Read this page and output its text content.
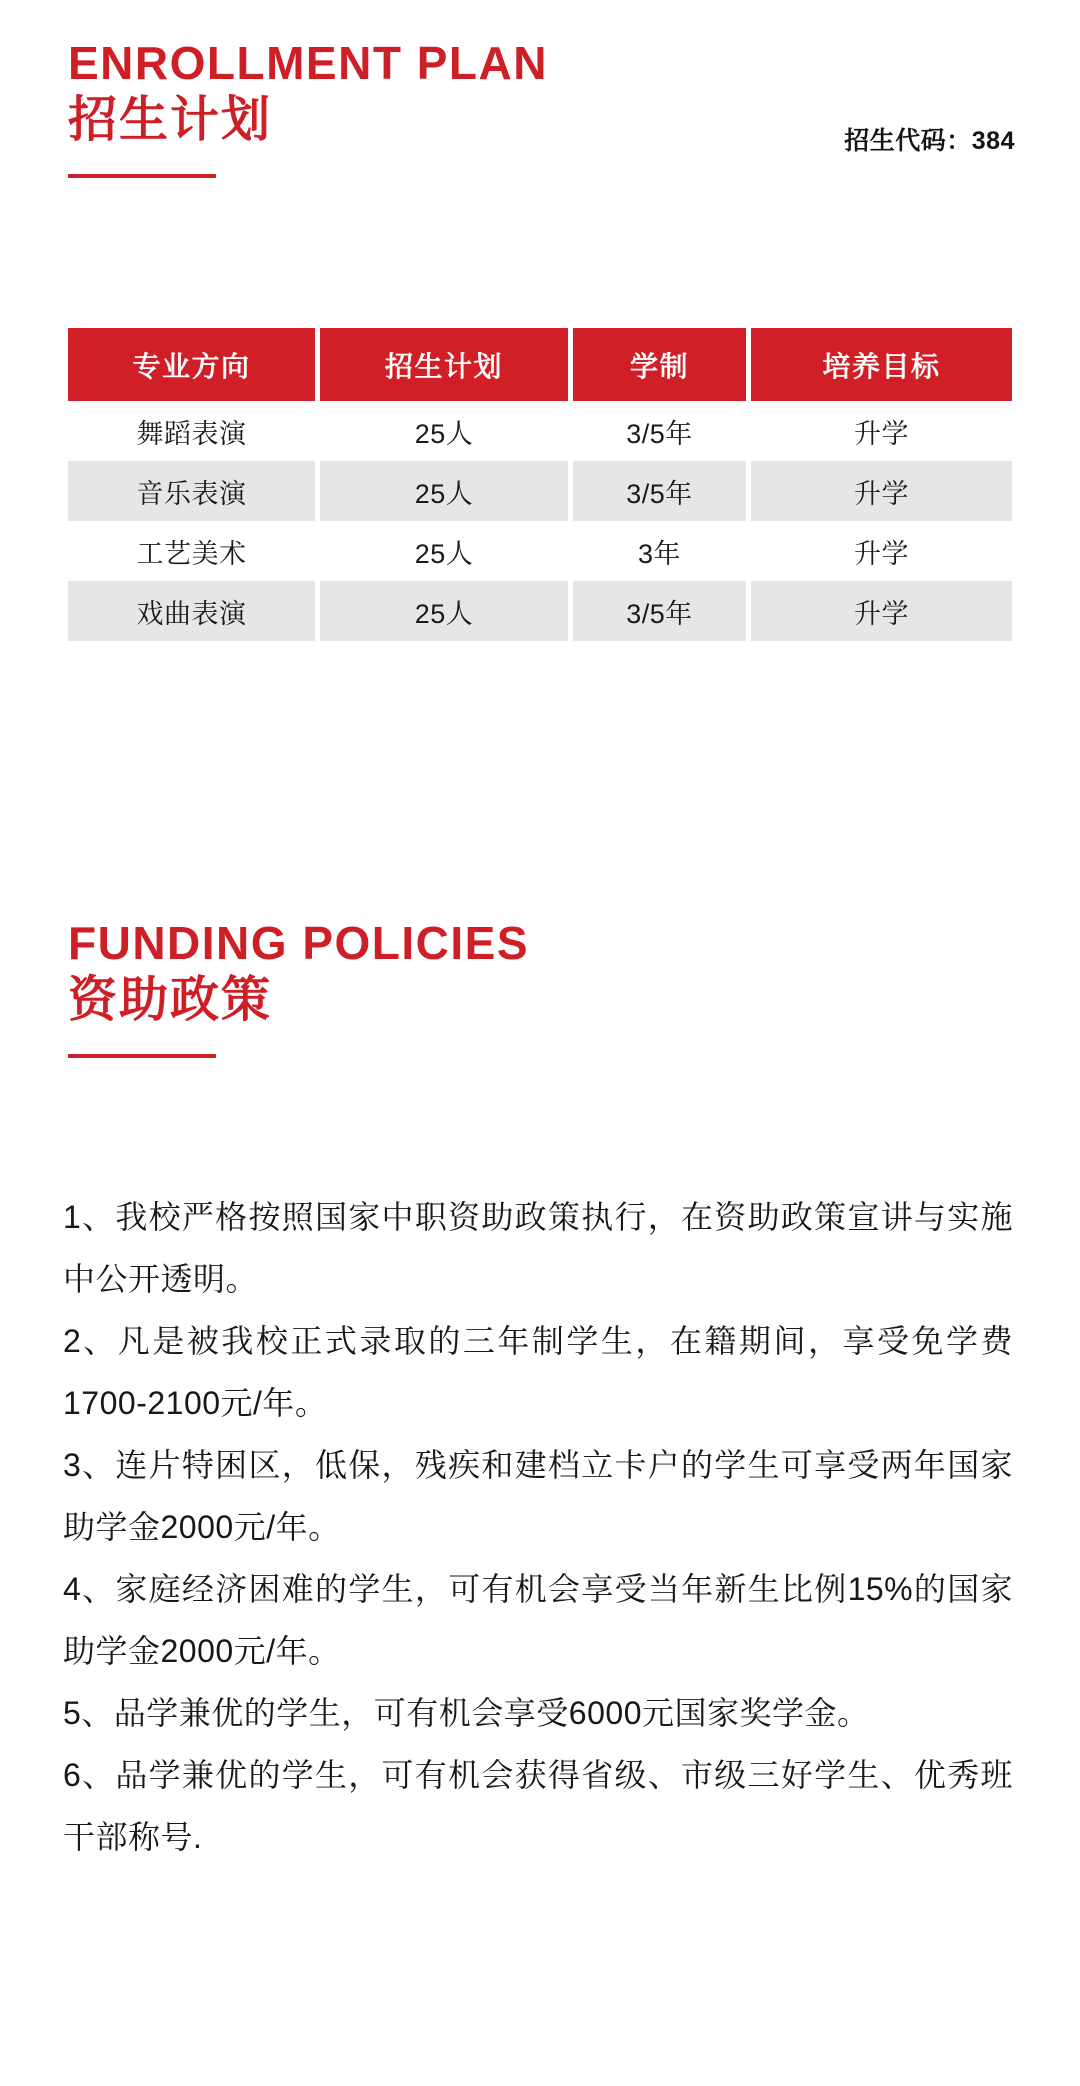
ENROLLMENT PLAN
招生计划	招生代码：384
专业方向	招生计划	学制	培养目标
舞蹈表演	25人	3/5年	升学
音乐表演	25人	3/5年	升学
工艺美术	25人	3年	升学
戏曲表演	25人	3/5年	升学
FUNDING POLICIES
资助政策
1、我校严格按照国家中职资助政策执行，在资助政策宣讲与实施中公开透明。
2、凡是被我校正式录取的三年制学生，在籍期间，享受免学费1700-2100元/年。
3、连片特困区，低保，残疾和建档立卡户的学生可享受两年国家助学金2000元/年。
4、家庭经济困难的学生，可有机会享受当年新生比例15%的国家助学金2000元/年。
5、品学兼优的学生，可有机会享受6000元国家奖学金。
6、品学兼优的学生，可有机会获得省级、市级三好学生、优秀班干部称号.
